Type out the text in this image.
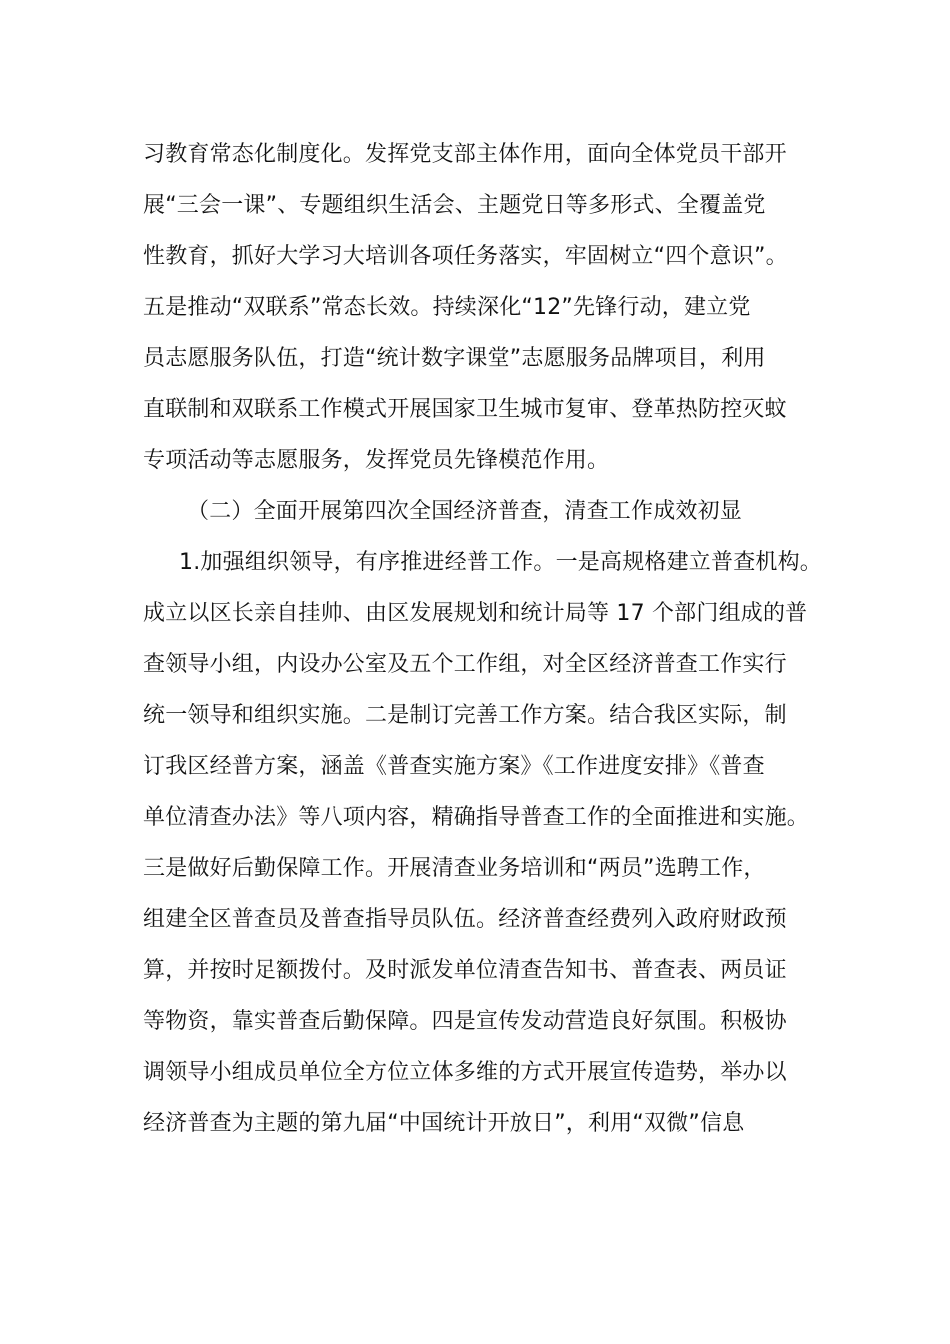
习教育常态化制度化。发挥党支部主体作用，面向全体党员干部开
展“三会一课”、专题组织生活会、主题党日等多形式、全覆盖党
性教育，抓好大学习大培训各项任务落实，牢固树立“四个意识”。
五是推动“双联系”常态长效。持续深化“12”先锋行动，建立党
员志愿服务队伍，打造“统计数字课堂”志愿服务品牌项目，利用
直联制和双联系工作模式开展国家卫生城市复审、登革热防控灭蚊
专项活动等志愿服务，发挥党员先锋模范作用。
（二）全面开展第四次全国经济普查，清查工作成效初显
1.加强组织领导，有序推进经普工作。一是高规格建立普查机构。
成立以区长亲自挂帅、由区发展规划和统计局等 17 个部门组成的普
查领导小组，内设办公室及五个工作组，对全区经济普查工作实行
统一领导和组织实施。二是制订完善工作方案。结合我区实际，制
订我区经普方案，涵盖《普查实施方案》《工作进度安排》《普查
单位清查办法》等八项内容，精确指导普查工作的全面推进和实施。
三是做好后勤保障工作。开展清查业务培训和“两员”选聘工作，
组建全区普查员及普查指导员队伍。经济普查经费列入政府财政预
算，并按时足额拨付。及时派发单位清查告知书、普查表、两员证
等物资，靠实普查后勤保障。四是宣传发动营造良好氛围。积极协
调领导小组成员单位全方位立体多维的方式开展宣传造势，举办以
经济普查为主题的第九届“中国统计开放日”，利用“双微”信息
